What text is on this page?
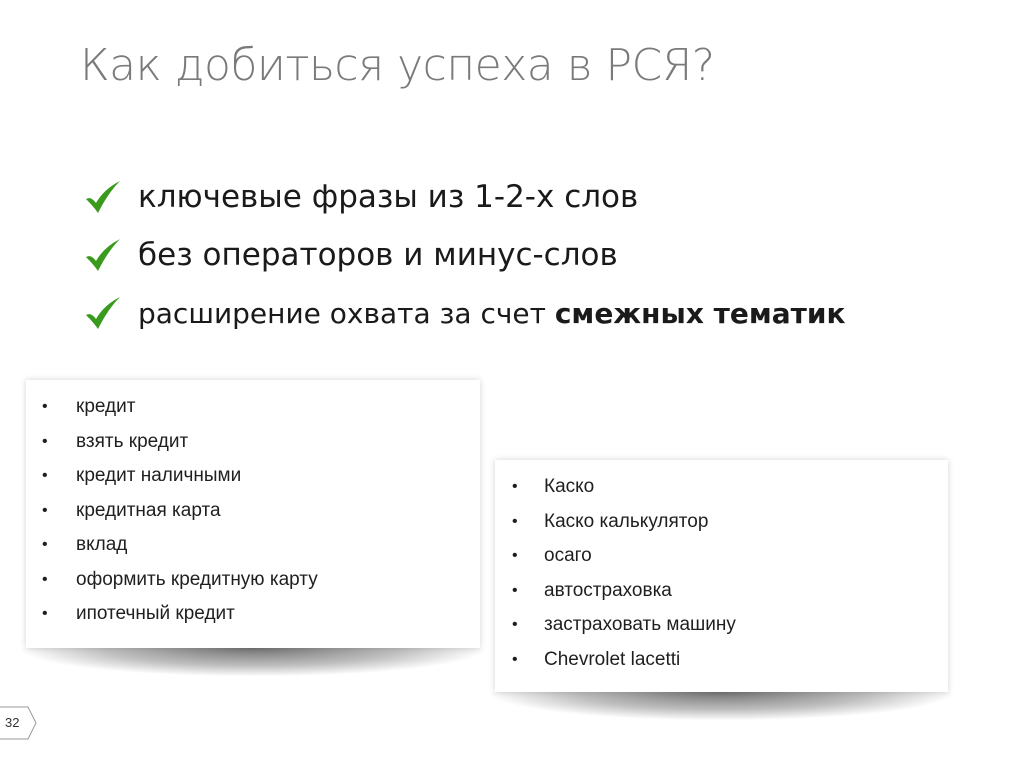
Как добиться успеха в РСЯ?
ключевые фразы из 1-2-х слов
без операторов и минус-слов
расширение охвата за счет смежных тематик
• кредит
• взять кредит
• кредит наличными
• кредитная карта
• вклад
• оформить кредитную карту
• ипотечный кредит
• Каско
• Каско калькулятор
• осаго
• автостраховка
• застраховать машину
• Chevrolet lacetti
32
